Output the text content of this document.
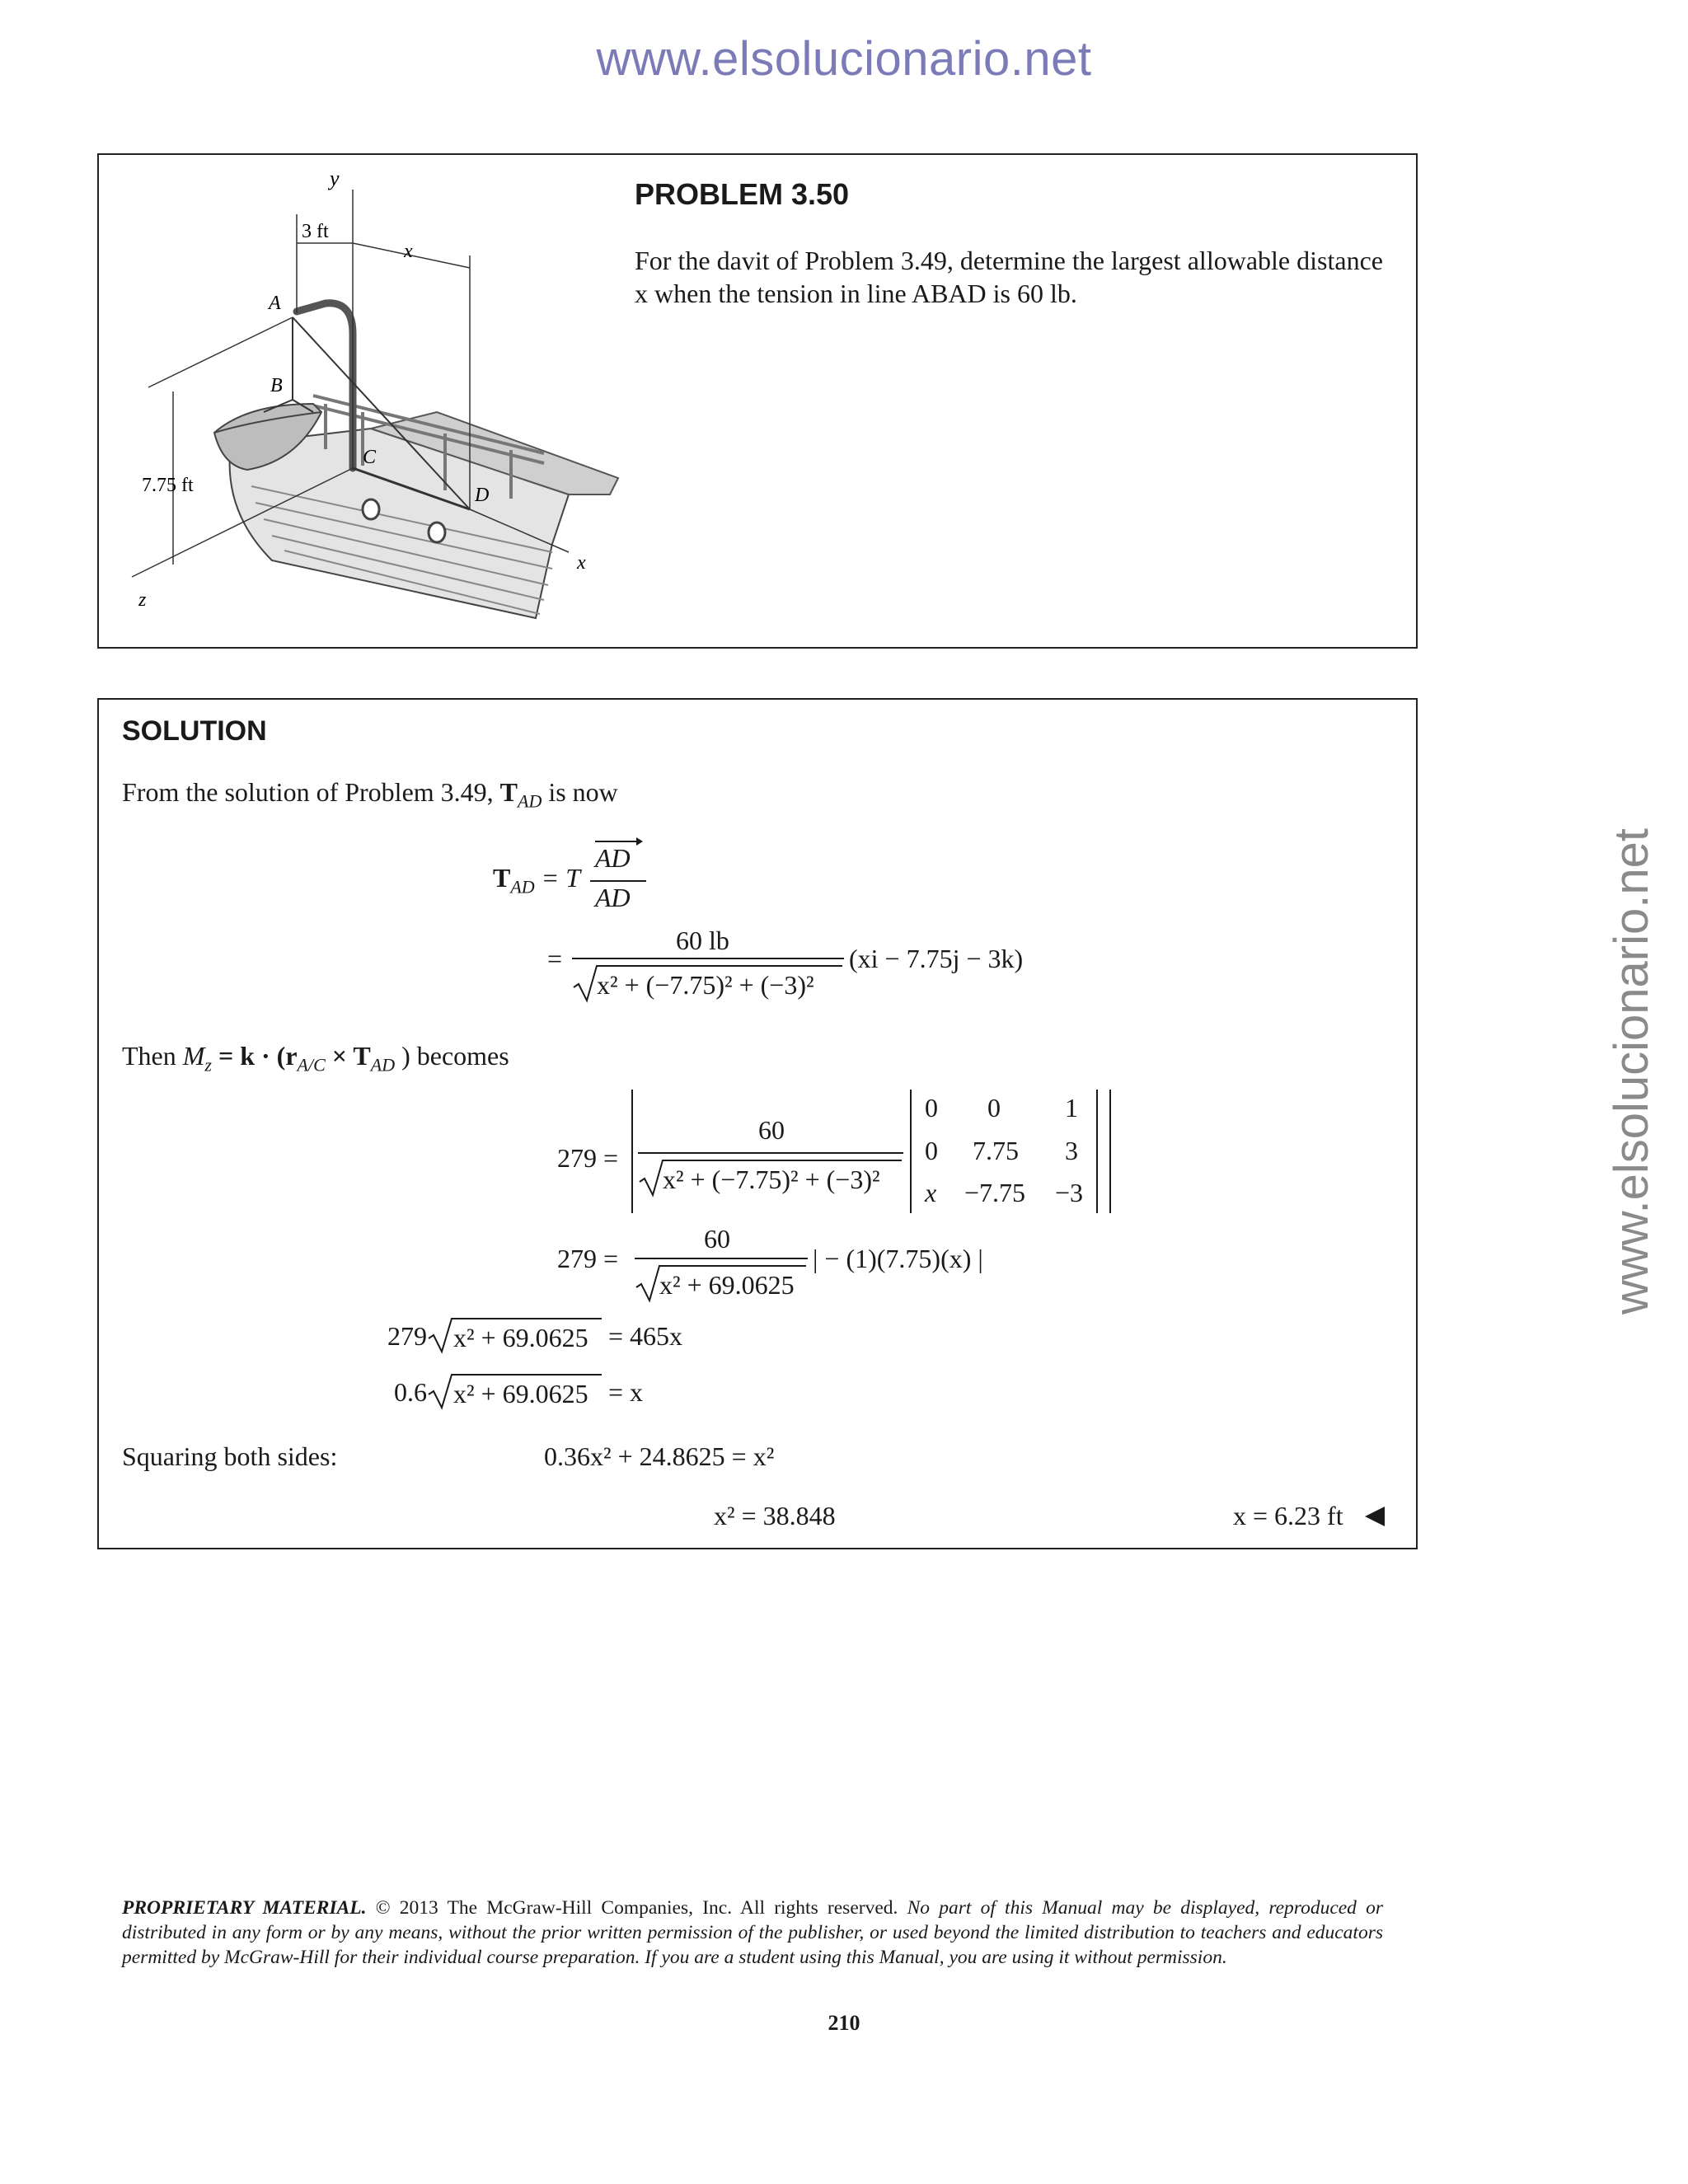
www.elsolucionario.net
www.elsolucionario.net
y
3 ft
x
A
B
C
D
7.75 ft
x
z
PROBLEM 3.50
For the davit of Problem 3.49, determine the largest allowable distance x when the tension in line ABAD is 60 lb.
SOLUTION
From the solution of Problem 3.49, $T_{AD}$ is now
$T_{AD} = T$
AD
AD
=
60 lb
x² + (−7.75)² + (−3)²
(xi − 7.75j − 3k)
Then $M_z = k \cdot (r_{A/C} \times T_{AD}$ ) becomes
279 =
60
x² + (−7.75)² + (−3)²
0 0 1
0 7.75 3
x −7.75 −3
279 =
60
x² + 69.0625
| − (1)(7.75)(x) |
279 x² + 69.0625 = 465x
0.6 x² + 69.0625 = x
Squaring both sides:	0.36x² + 24.8625 = x²
x² = 38.848	x = 6.23 ft
PROPRIETARY MATERIAL. © 2013 The McGraw-Hill Companies, Inc. All rights reserved. No part of this Manual may be displayed, reproduced or distributed in any form or by any means, without the prior written permission of the publisher, or used beyond the limited distribution to teachers and educators permitted by McGraw-Hill for their individual course preparation. If you are a student using this Manual, you are using it without permission.
210
